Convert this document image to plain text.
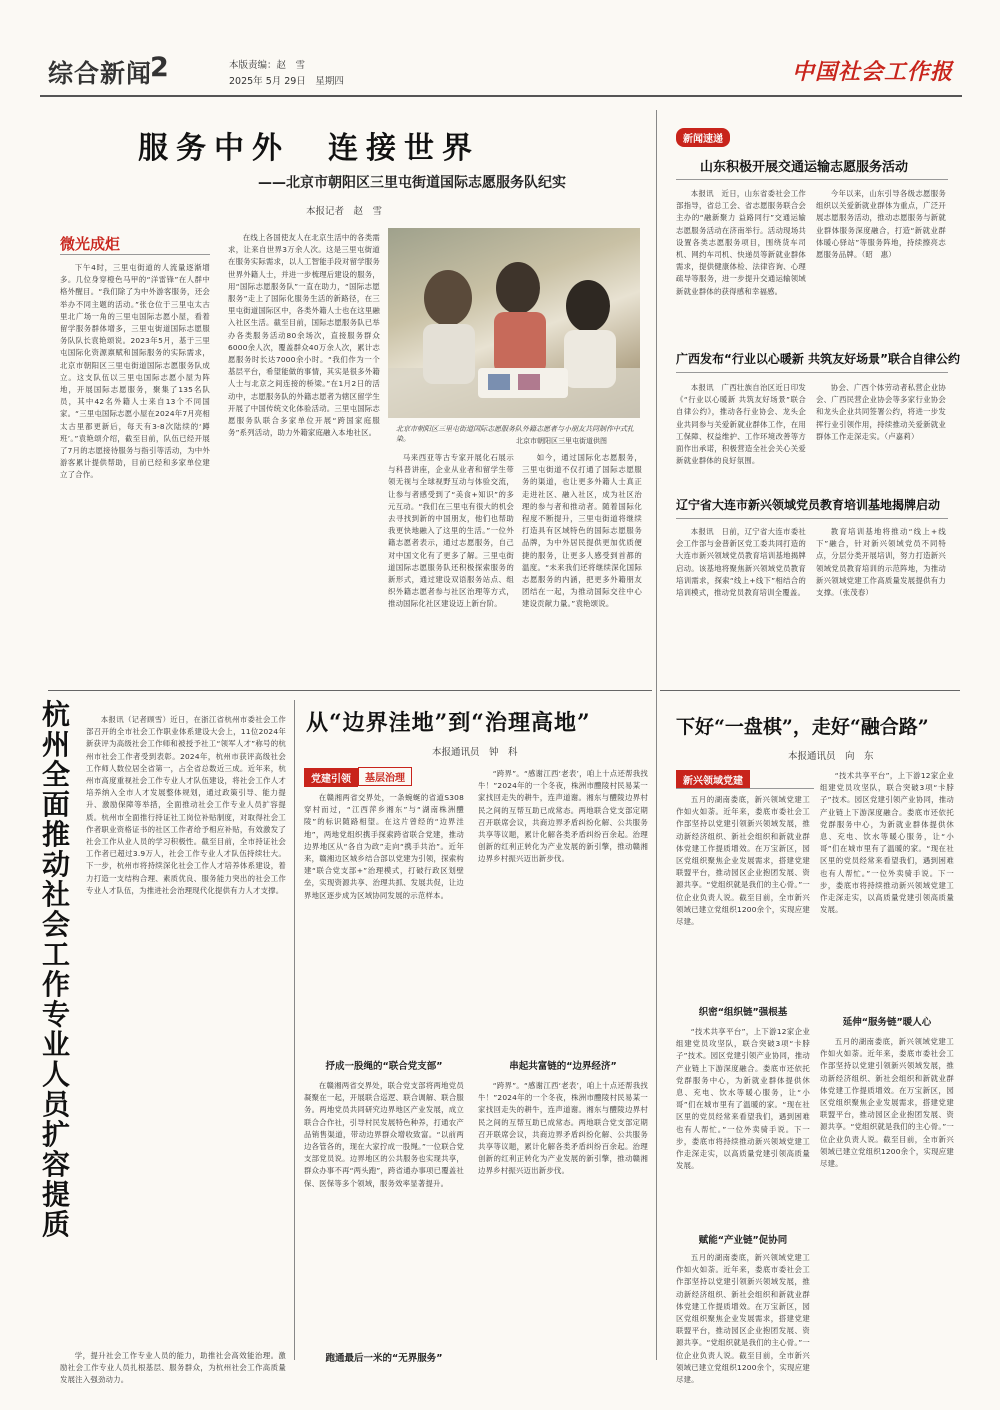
综合新闻
2	本版责编：赵　雪
2025年 5月 29日　星期四	中国社会工作报
服务中外　连接世界
——北京市朝阳区三里屯街道国际志愿服务队纪实
本报记者　赵　雪
微光成炬

下午4时，三里屯街道的人流量逐渐增多。几位身穿橙色马甲的“洋雷锋”在人群中格外醒目。“我们除了为中外游客服务，还会举办不同主题的活动。”张仓位于三里屯太古里北广场一角的三里屯国际志愿小屋，看着留学服务群体增多，三里屯街道国际志愿服务队队长袁艳颂说。2023年5月，基于三里屯国际化资源禀赋和国际服务的实际需求，北京市朝阳区三里屯街道国际志愿服务队成立。这支队伍以三里屯国际志愿小屋为阵地，开展国际志愿服务，聚集了135名队员，其中42名外籍人士来自13个不同国家。“三里屯国际志愿小屋在2024年7月亮相太古里都更新后，每天有3-8次陆续的‘蹲班’。”袁艳颂介绍，截至目前，队伍已经开展了7月的志愿接待服务与指引等活动，为中外游客累计提供帮助，目前已经和多家单位建立了合作。

在线上各国使友人在北京生活中的各类需求，让来自世界3万余人次。这是三里屯街道在服务实际需求，以人工智能手段对留学服务世界外籍人士，并进一步梳理后建设的服务，用“国际志愿服务队”一直在助力，“国际志愿服务”走上了国际化服务生活的新路径，在三里屯街道国际区中，各类外籍人士也在这里融入社区生活。截至目前，国际志愿服务队已举办各类服务活动80余场次，直接服务群众6000余人次，覆盖群众40万余人次，累计志愿服务时长达7000余小时。“我们作为一个基层平台，希望能做的事情，其实是很多外籍人士与北京之间连接的桥梁。”在1月2日的活动中，志愿服务队的外籍志愿者为辖区留学生开展了中国传统文化体验活动。三里屯国际志愿服务队联合多家单位开展“跨国家庭服务”系列活动，助力外籍家庭融入本地社区。	北京市朝阳区三里屯街道国际志愿服务队外籍志愿者与小朋友共同制作中式扎染。	北京市朝阳区三里屯街道供图

马来西亚等古专家开展化石展示与科普讲座，企业从业者和留学生带领无视与全球视野互动与体验交流，让参与者感受到了“美食+知识”的多元互动。“我们在三里屯有很大的机会去寻找到新的中国朋友，他们也帮助我更快地融入了这里的生活。”一位外籍志愿者表示，通过志愿服务，自己对中国文化有了更多了解。三里屯街道国际志愿服务队还积极探索服务的新形式，通过建设双语服务站点、组织外籍志愿者参与社区治理等方式，推动国际化社区建设迈上新台阶。

如今，通过国际化志愿服务，三里屯街道不仅打通了国际志愿服务的渠道，也让更多外籍人士真正走进社区、融入社区，成为社区治理的参与者和推动者。随着国际化程度不断提升，三里屯街道将继续打造具有区域特色的国际志愿服务品牌，为中外居民提供更加优质便捷的服务，让更多人感受到首都的温度。“未来我们还将继续深化国际志愿服务的内涵，把更多外籍朋友团结在一起，为推动国际交往中心建设贡献力量。”袁艳颂说。

新闻速递
山东积极开展交通运输志愿服务活动

本报讯　近日，山东省委社会工作部指导，省总工会、省志愿服务联合会主办的“融新聚力 益路同行”交通运输志愿服务活动在济南举行。活动现场共设置各类志愿服务项目，围绕货车司机、网约车司机、快递员等新就业群体需求，提供健康体检、法律咨询、心理疏导等服务，进一步提升交通运输领域新就业群体的获得感和幸福感。

今年以来，山东引导各级志愿服务组织以关爱新就业群体为重点，广泛开展志愿服务活动，推动志愿服务与新就业群体服务深度融合，打造“新就业群体暖心驿站”等服务阵地，持续擦亮志愿服务品牌。（昭　惠）

广西发布“行业以心暖新 共筑友好场景”联合自律公约

本报讯　广西壮族自治区近日印发《“行业以心暖新 共筑友好场景”联合自律公约》，推动各行业协会、龙头企业共同参与关爱新就业群体工作，在用工保障、权益维护、工作环境改善等方面作出承诺，积极营造全社会关心关爱新就业群体的良好氛围。

协会、广西个体劳动者私营企业协会、广西民营企业协会等多家行业协会和龙头企业共同签署公约，将进一步发挥行业引领作用，持续推动关爱新就业群体工作走深走实。（卢嘉莉）

辽宁省大连市新兴领域党员教育培训基地揭牌启动

本报讯　日前，辽宁省大连市委社会工作部与金普新区党工委共同打造的大连市新兴领域党员教育培训基地揭牌启动。该基地将聚焦新兴领域党员教育培训需求，探索“线上+线下”相结合的培训模式，推动党员教育培训全覆盖。

教育培训基地将推动“线上+线下”融合，针对新兴领域党员不同特点，分层分类开展培训，努力打造新兴领域党员教育培训的示范阵地，为推动新兴领域党建工作高质量发展提供有力支撑。（张茂春）

杭州全面推动社会工作专业人员扩容提质

本报讯（记者顾雪）近日，在浙江省杭州市委社会工作部召开的全市社会工作职业体系建设大会上，11位2024年新获评为高级社会工作师和被授予社工“领军人才”称号的杭州市社会工作者受到表彰。2024年，杭州市获评高级社会工作师人数位居全省第一，占全省总数近三成。近年来，杭州市高度重视社会工作专业人才队伍建设，将社会工作人才培养纳入全市人才发展整体规划，通过政策引导、能力提升、激励保障等举措，全面推动社会工作专业人员扩容提质。杭州市全面推行持证社工岗位补贴制度，对取得社会工作者职业资格证书的社区工作者给予相应补贴，有效激发了社会工作从业人员的学习积极性。截至目前，全市持证社会工作者已超过3.9万人，社会工作专业人才队伍持续壮大。下一步，杭州市将持续深化社会工作人才培养体系建设，着力打造一支结构合理、素质优良、服务能力突出的社会工作专业人才队伍，为推进社会治理现代化提供有力人才支撑。

学，提升社会工作专业人员的能力，助推社会高效能治理。激励社会工作专业人员扎根基层、服务群众，为杭州社会工作高质量发展注入强劲动力。

从“边界洼地”到“治理高地”
本报通讯员　钟　科
党建引领	基层治理

在赣湘两省交界处，一条蜿蜒的省道S308穿村而过，“江西萍乡湘东”与“湖南株洲醴陵”的标识随路相望。在这片曾经的“边界洼地”，两地党组织携手探索跨省联合党建，推动边界地区从“各自为政”走向“携手共治”。近年来，赣湘边区城乡结合部以党建为引领，探索构建“联合党支部+”治理模式，打破行政区划壁垒，实现资源共享、治理共抓、发展共促，让边界地区逐步成为区域协同发展的示范样本。

“跨界”。“感谢江西‘老表’，咱上十点还帮我找牛！”2024年的一个冬夜，株洲市醴陵村民易某一家找回走失的耕牛，连声道谢。湘东与醴陵边界村民之间的互帮互助已成常态。两地联合党支部定期召开联席会议，共商边界矛盾纠纷化解、公共服务共享等议题，累计化解各类矛盾纠纷百余起。治理创新的红利正转化为产业发展的新引擎，推动赣湘边界乡村振兴迈出新步伐。

抒成一股绳的“联合党支部”

在赣湘两省交界处，联合党支部将两地党员凝聚在一起，开展联合巡逻、联合调解、联合服务。两地党员共同研究边界地区产业发展，成立联合合作社，引导村民发展特色种养，打通农产品销售渠道，带动边界群众增收致富。“以前两边各管各的，现在大家拧成一股绳。”一位联合党支部党员说。边界地区的公共服务也实现共享，群众办事不再“两头跑”，跨省通办事项已覆盖社保、医保等多个领域，服务效率显著提升。

串起共富链的“边界经济”

“跨界”。“感谢江西‘老表’，咱上十点还帮我找牛！”2024年的一个冬夜，株洲市醴陵村民易某一家找回走失的耕牛，连声道谢。湘东与醴陵边界村民之间的互帮互助已成常态。两地联合党支部定期召开联席会议，共商边界矛盾纠纷化解、公共服务共享等议题，累计化解各类矛盾纠纷百余起。治理创新的红利正转化为产业发展的新引擎，推动赣湘边界乡村振兴迈出新步伐。

跑通最后一米的“无界服务”
下好“一盘棋”，走好“融合路”
本报通讯员　向　东
新兴领域党建

五月的湖南娄底，新兴领域党建工作如火如荼。近年来，娄底市委社会工作部坚持以党建引领新兴领域发展，推动新经济组织、新社会组织和新就业群体党建工作提质增效。在万宝新区，园区党组织聚焦企业发展需求，搭建党建联盟平台，推动园区企业抱团发展、资源共享。“党组织就是我们的主心骨。”一位企业负责人说。截至目前，全市新兴领域已建立党组织1200余个，实现应建尽建。

织密“组织链”强根基

“技术共享平台”，上下游12家企业组建党员攻坚队，联合突破3项“卡脖子”技术。园区党建引领产业协同，推动产业链上下游深度融合。娄底市还依托党群服务中心，为新就业群体提供休息、充电、饮水等暖心服务，让“小哥”们在城市里有了温暖的家。“现在社区里的党员经常来看望我们，遇到困难也有人帮忙。”一位外卖骑手说。下一步，娄底市将持续推动新兴领域党建工作走深走实，以高质量党建引领高质量发展。

赋能“产业链”促协同

五月的湖南娄底，新兴领域党建工作如火如荼。近年来，娄底市委社会工作部坚持以党建引领新兴领域发展，推动新经济组织、新社会组织和新就业群体党建工作提质增效。在万宝新区，园区党组织聚焦企业发展需求，搭建党建联盟平台，推动园区企业抱团发展、资源共享。“党组织就是我们的主心骨。”一位企业负责人说。截至目前，全市新兴领域已建立党组织1200余个，实现应建尽建。

“技术共享平台”，上下游12家企业组建党员攻坚队，联合突破3项“卡脖子”技术。园区党建引领产业协同，推动产业链上下游深度融合。娄底市还依托党群服务中心，为新就业群体提供休息、充电、饮水等暖心服务，让“小哥”们在城市里有了温暖的家。“现在社区里的党员经常来看望我们，遇到困难也有人帮忙。”一位外卖骑手说。下一步，娄底市将持续推动新兴领域党建工作走深走实，以高质量党建引领高质量发展。

延伸“服务链”暖人心

五月的湖南娄底，新兴领域党建工作如火如荼。近年来，娄底市委社会工作部坚持以党建引领新兴领域发展，推动新经济组织、新社会组织和新就业群体党建工作提质增效。在万宝新区，园区党组织聚焦企业发展需求，搭建党建联盟平台，推动园区企业抱团发展、资源共享。“党组织就是我们的主心骨。”一位企业负责人说。截至目前，全市新兴领域已建立党组织1200余个，实现应建尽建。
